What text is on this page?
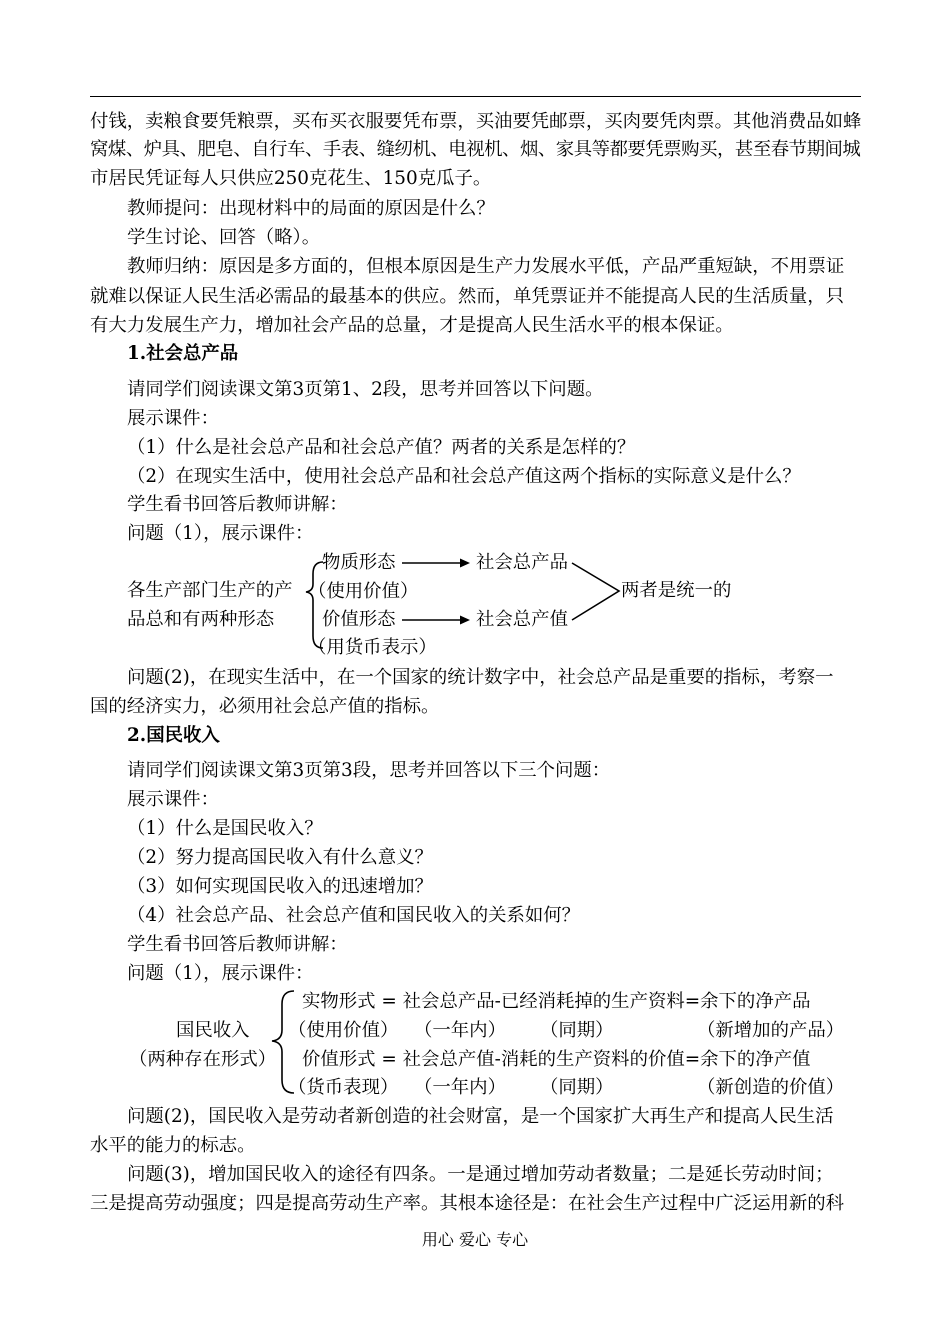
付钱，卖粮食要凭粮票，买布买衣服要凭布票，买油要凭邮票，买肉要凭肉票。其他消费品如蜂
窝煤、炉具、肥皂、自行车、手表、缝纫机、电视机、烟、家具等都要凭票购买，甚至春节期间城
市居民凭证每人只供应250克花生、150克瓜子。
教师提问：出现材料中的局面的原因是什么？
学生讨论、回答（略）。
教师归纳：原因是多方面的，但根本原因是生产力发展水平低，产品严重短缺，不用票证
就难以保证人民生活必需品的最基本的供应。然而，单凭票证并不能提高人民的生活质量，只
有大力发展生产力，增加社会产品的总量，才是提高人民生活水平的根本保证。
1.社会总产品
请同学们阅读课文第3页第1、2段，思考并回答以下问题。
展示课件：
（1）什么是社会总产品和社会总产值？两者的关系是怎样的？
（2）在现实生活中，使用社会总产品和社会总产值这两个指标的实际意义是什么？
学生看书回答后教师讲解：
问题（1），展示课件：
各生产部门生产的产
品总和有两种形态
物质形态
（使用价值）
价值形态
（用货币表示）
社会总产品
社会总产值
两者是统一的
问题(2)，在现实生活中，在一个国家的统计数字中，社会总产品是重要的指标，考察一
国的经济实力，必须用社会总产值的指标。
2.国民收入
请同学们阅读课文第3页第3段，思考并回答以下三个问题：
展示课件：
（1）什么是国民收入？
（2）努力提高国民收入有什么意义？
（3）如何实现国民收入的迅速增加？
（4）社会总产品、社会总产值和国民收入的关系如何？
学生看书回答后教师讲解：
问题（1），展示课件：
国民收入
（两种存在形式）
实物形式 = 社会总产品-已经消耗掉的生产资料=余下的净产品
（使用价值） （一年内） （同期）	（新增加的产品）
价值形式 = 社会总产值-消耗的生产资料的价值=余下的净产值
（货币表现） （一年内） （同期）	（新创造的价值）
问题(2)，国民收入是劳动者新创造的社会财富，是一个国家扩大再生产和提高人民生活
水平的能力的标志。
问题(3)，增加国民收入的途径有四条。一是通过增加劳动者数量；二是延长劳动时间；
三是提高劳动强度；四是提高劳动生产率。其根本途径是：在社会生产过程中广泛运用新的科
用心 爱心 专心
